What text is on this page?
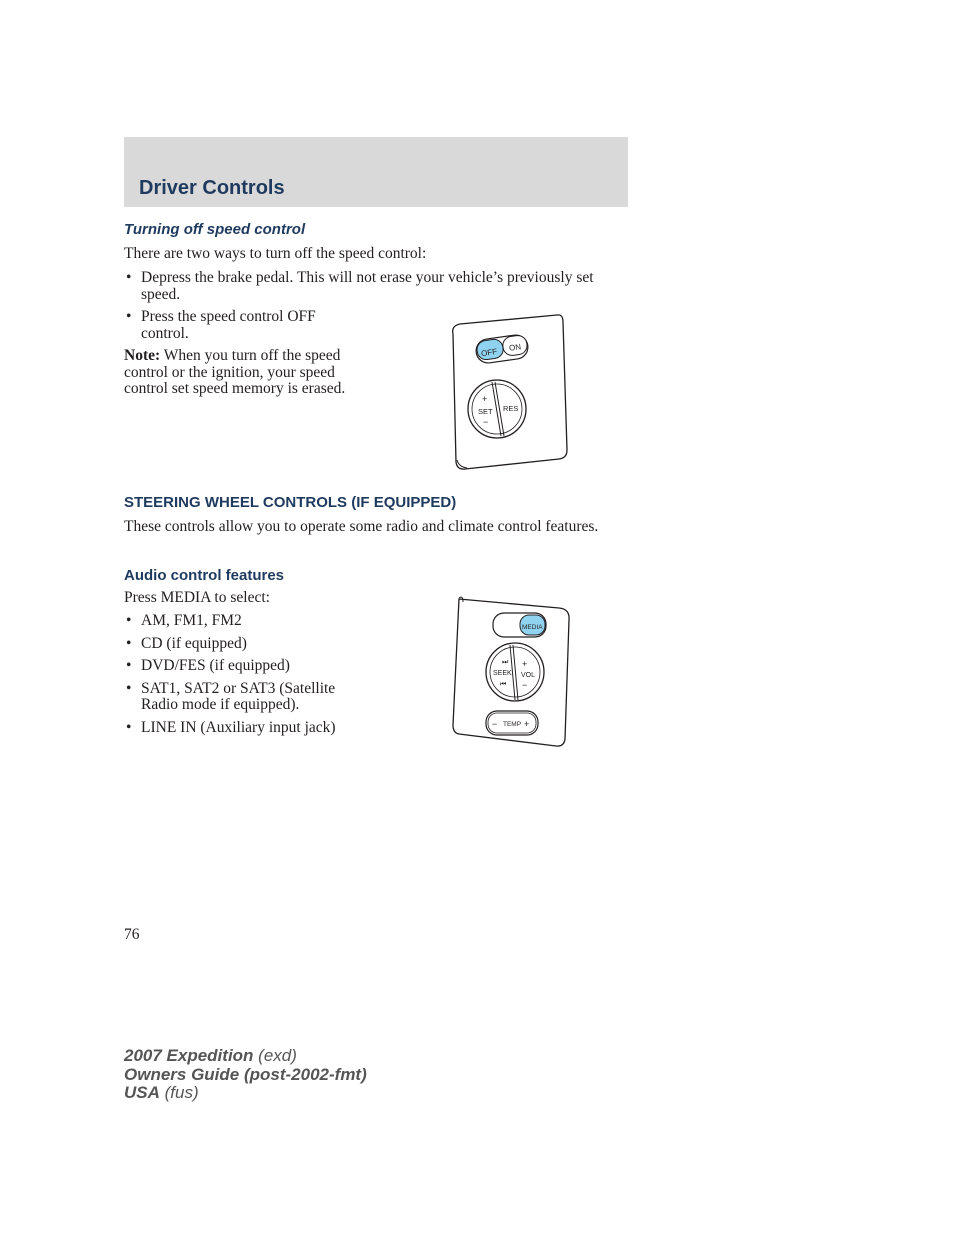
Driver Controls
Turning off speed control

There are two ways to turn off the speed control:

• Depress the brake pedal. This will not erase your vehicle’s previously set speed.
• Press the speed control OFF control.

Note: When you turn off the speed control or the ignition, your speed control set speed memory is erased.

OFF ON
+
SET
−
RES
STEERING WHEEL CONTROLS (IF EQUIPPED)

These controls allow you to operate some radio and climate control features.

Audio control features

Press MEDIA to select:

• AM, FM1, FM2
• CD (if equipped)
• DVD/FES (if equipped)
• SAT1, SAT2 or SAT3 (Satellite Radio mode if equipped).
• LINE IN (Auxiliary input jack)
MEDIA
⏭
SEEK
⏮
+
VOL
−
− TEMP +
76
2007 Expedition (exd)
Owners Guide (post-2002-fmt)
USA (fus)
